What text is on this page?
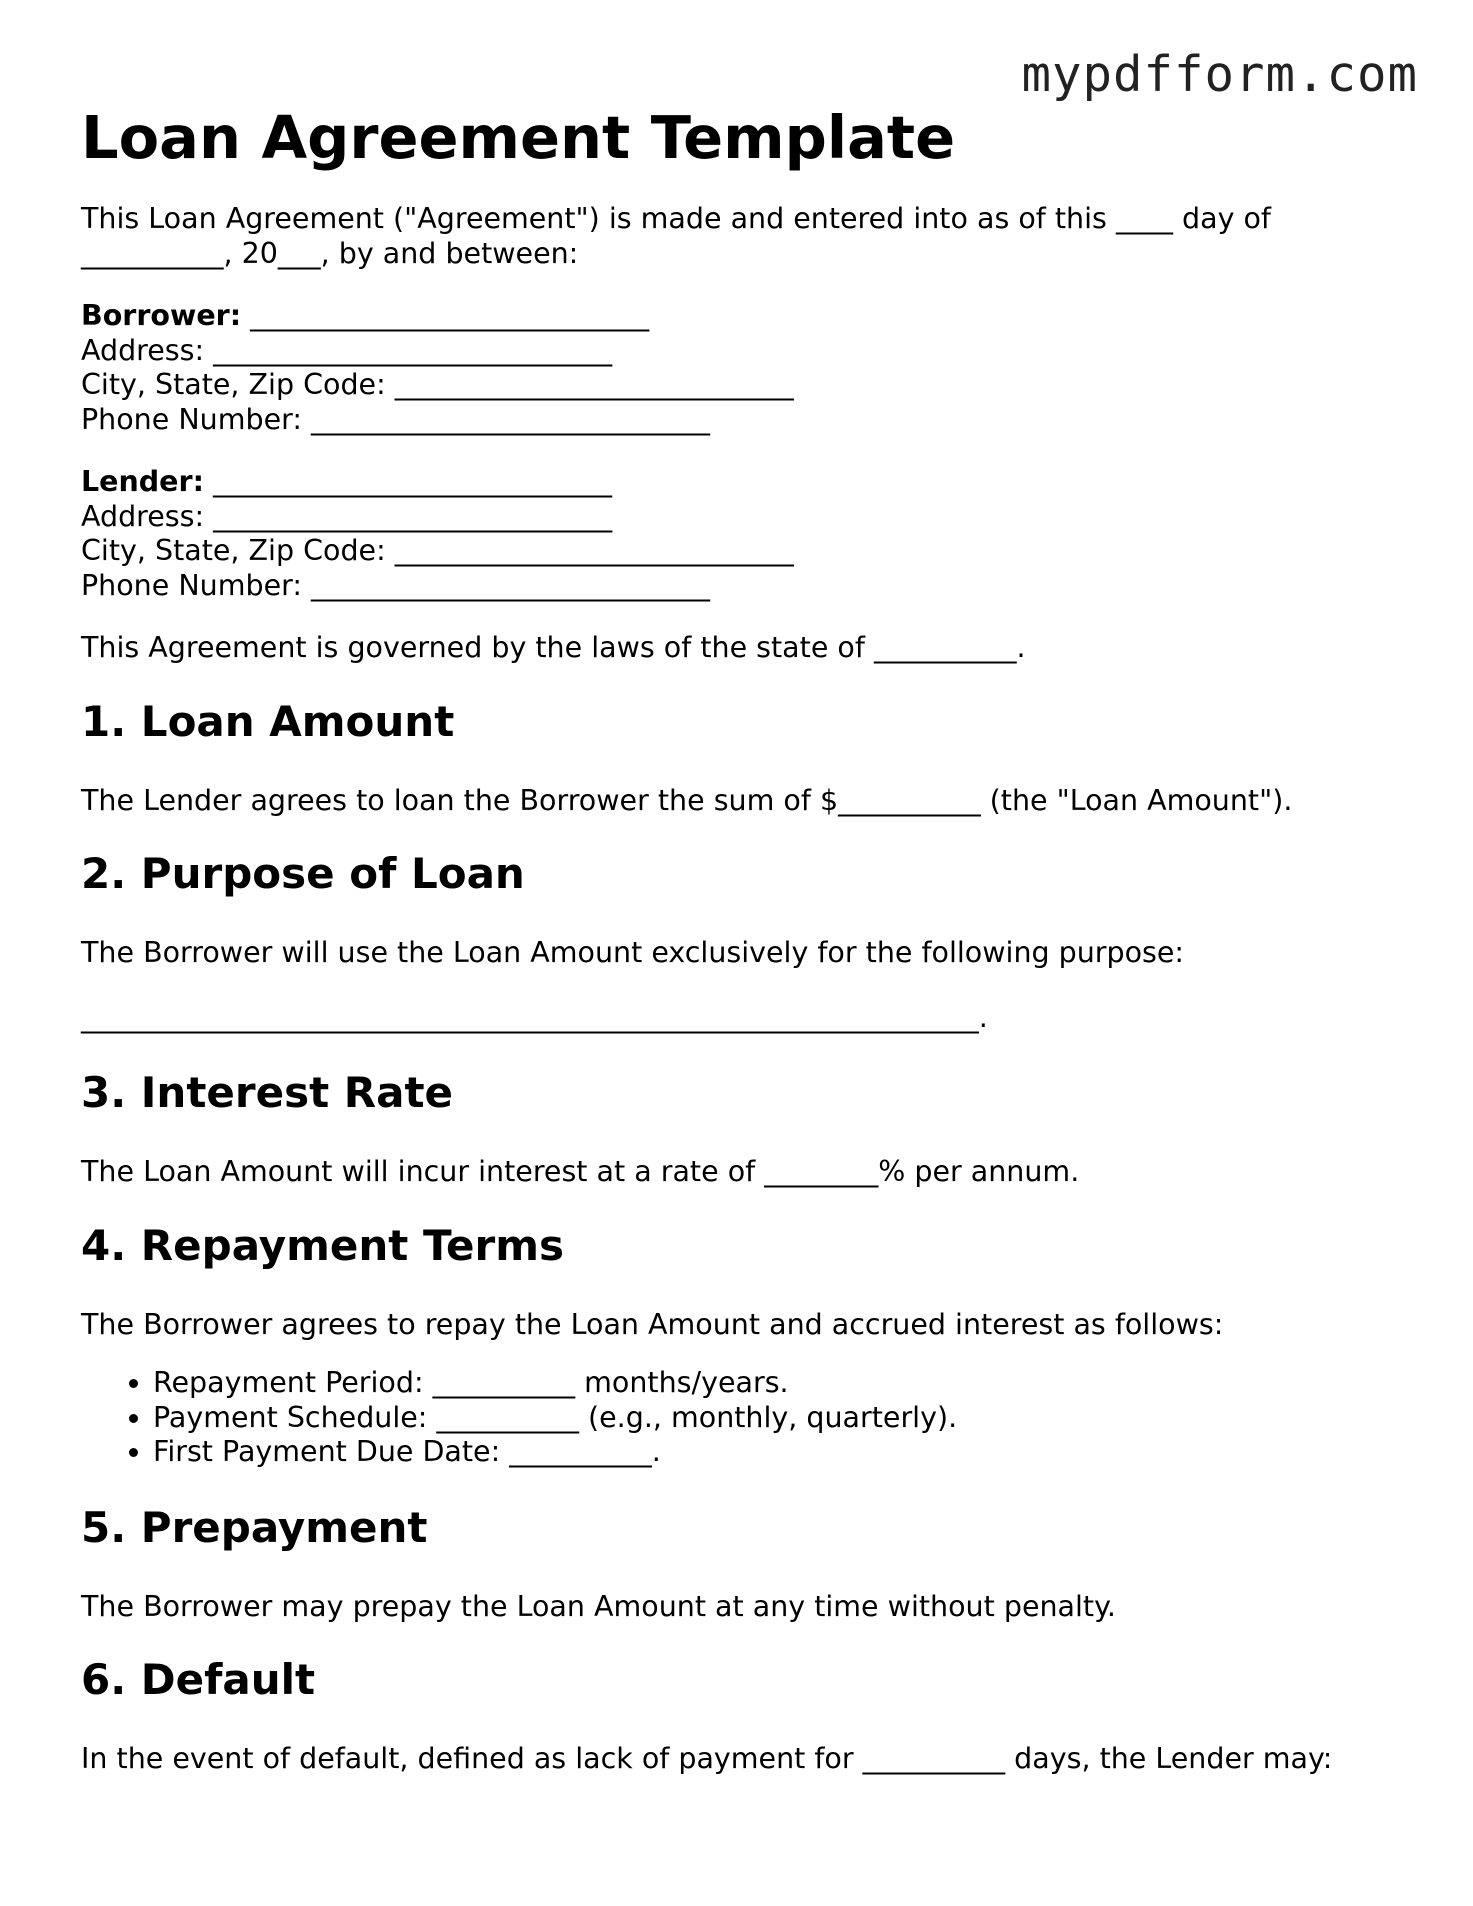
mypdfform.com
Loan Agreement Template

This Loan Agreement ("Agreement") is made and entered into as of this ____ day of __________, 20___, by and between:

Borrower: ____________________________
Address: ____________________________
City, State, Zip Code: ____________________________
Phone Number: ____________________________
Lender: ____________________________
Address: ____________________________
City, State, Zip Code: ____________________________
Phone Number: ____________________________

This Agreement is governed by the laws of the state of __________.

1. Loan Amount

The Lender agrees to loan the Borrower the sum of $__________ (the "Loan Amount").

2. Purpose of Loan

The Borrower will use the Loan Amount exclusively for the following purpose:

_______________________________________________________________.

3. Interest Rate

The Loan Amount will incur interest at a rate of ________% per annum.

4. Repayment Terms

The Borrower agrees to repay the Loan Amount and accrued interest as follows:

• Repayment Period: __________ months/years.
• Payment Schedule: __________ (e.g., monthly, quarterly).
• First Payment Due Date: __________.
5. Prepayment

The Borrower may prepay the Loan Amount at any time without penalty.

6. Default

In the event of default, defined as lack of payment for __________ days, the Lender may:
